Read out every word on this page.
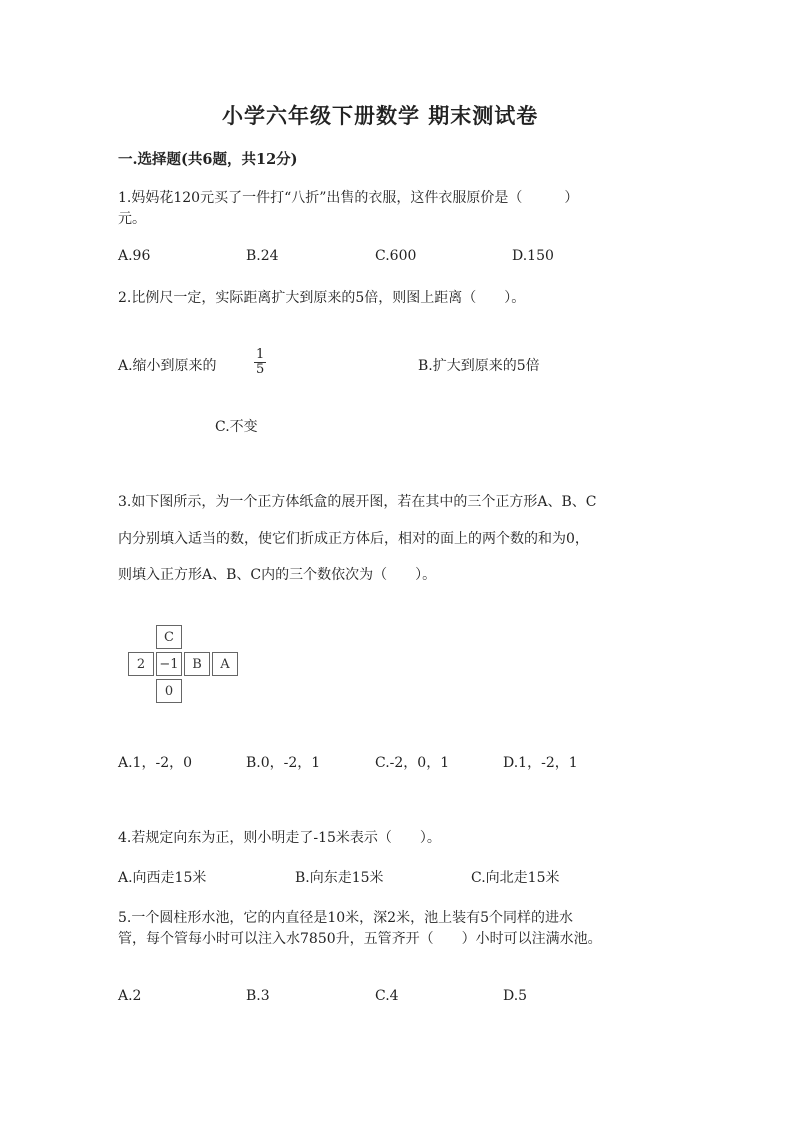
小学六年级下册数学 期末测试卷
一.选择题(共6题，共12分)
1.妈妈花120元买了一件打“八折”出售的衣服，这件衣服原价是（　　　）
元。
A.96	B.24	C.600	D.150
2.比例尺一定，实际距离扩大到原来的5倍，则图上距离（　　）。
A.缩小到原来的	$\frac{1}{5}$	B.扩大到原来的5倍
C.不变
3.如下图所示，为一个正方体纸盒的展开图，若在其中的三个正方形A、B、C
内分别填入适当的数，使它们折成正方体后，相对的面上的两个数的和为0，
则填入正方形A、B、C内的三个数依次为（　　）。
C
2	−1	B	A
0
A.1，-2，0	B.0，-2，1	C.-2，0，1	D.1，-2，1
4.若规定向东为正，则小明走了-15米表示（　　）。
A.向西走15米	B.向东走15米	C.向北走15米
5.一个圆柱形水池，它的内直径是10米，深2米，池上装有5个同样的进水
管，每个管每小时可以注入水7850升，五管齐开（　　）小时可以注满水池。
A.2	B.3	C.4	D.5
